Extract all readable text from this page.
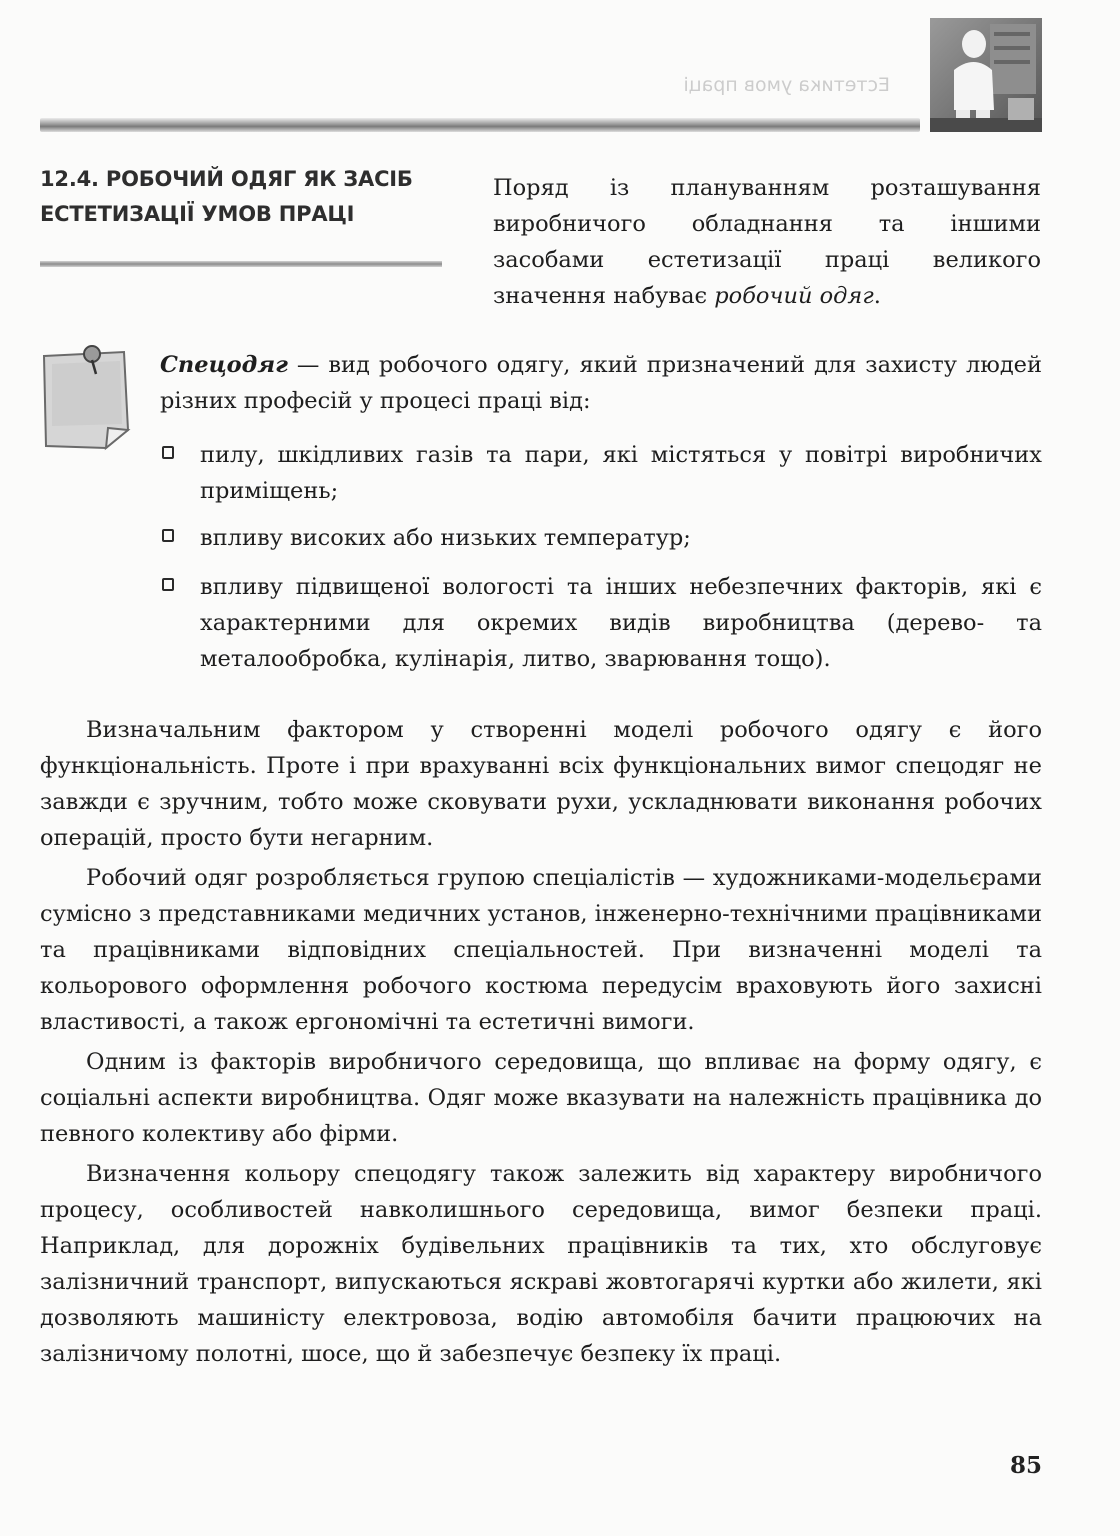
Естетика умов праці
12.4. РОБОЧИЙ ОДЯГ ЯК ЗАСІБ
ЕСТЕТИЗАЦІЇ УМОВ ПРАЦІ

Поряд із плануванням розташування виробничого обладнання та іншими засобами естетизації праці великого значення набуває робочий одяг.

Спецодяг — вид робочого одягу, який призначений для захисту людей різних професій у процесі праці від:

пилу, шкідливих газів та пари, які містяться у повітрі виробничих приміщень;

впливу високих або низьких температур;

впливу підвищеної вологості та інших небезпечних факторів, які є характерними для окремих видів виробництва (дерево- та металообробка, кулінарія, литво, зварювання тощо).

Визначальним фактором у створенні моделі робочого одягу є його функціональність. Проте і при врахуванні всіх функціональних вимог спецодяг не завжди є зручним, тобто може сковувати рухи, ускладнювати виконання робочих операцій, просто бути негарним.

Робочий одяг розробляється групою спеціалістів — художниками-модельєрами сумісно з представниками медичних установ, інженерно-технічними працівниками та працівниками відповідних спеціальностей. При визначенні моделі та кольорового оформлення робочого костюма передусім враховують його захисні властивості, а також ергономічні та естетичні вимоги.

Одним із факторів виробничого середовища, що впливає на форму одягу, є соціальні аспекти виробництва. Одяг може вказувати на належність працівника до певного колективу або фірми.

Визначення кольору спецодягу також залежить від характеру виробничого процесу, особливостей навколишнього середовища, вимог безпеки праці. Наприклад, для дорожніх будівельних працівників та тих, хто обслуговує залізничний транспорт, випускаються яскраві жовтогарячі куртки або жилети, які дозволяють машиністу електровоза, водію автомобіля бачити працюючих на залізничому полотні, шосе, що й забезпечує безпеку їх праці.

85
